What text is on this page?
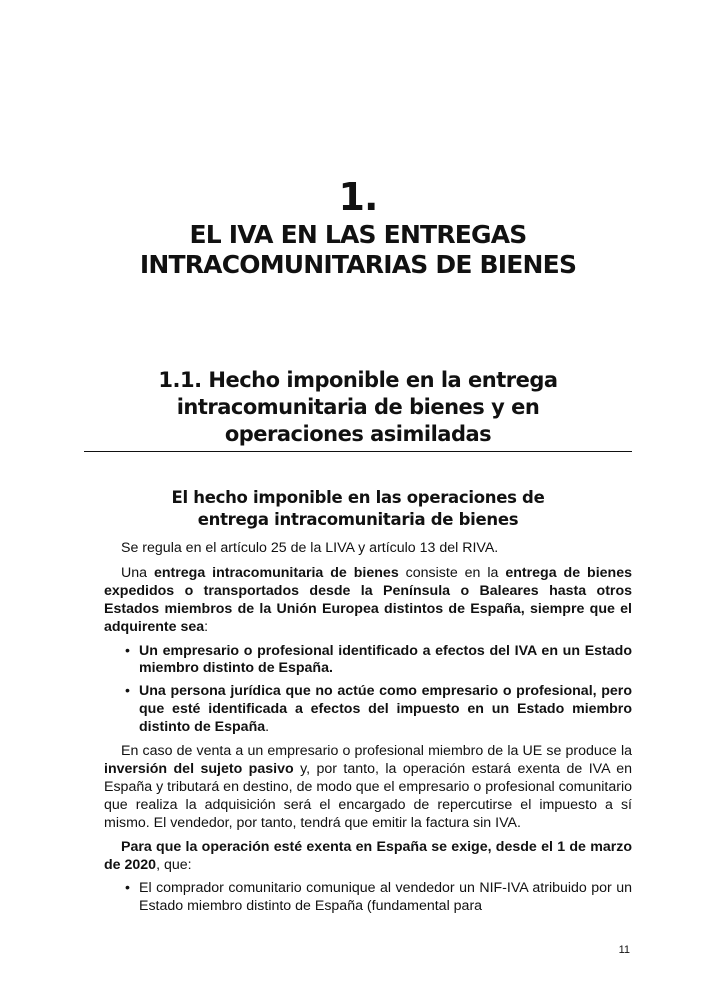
1.
EL IVA EN LAS ENTREGAS
INTRACOMUNITARIAS DE BIENES
1.1. Hecho imponible en la entrega
intracomunitaria de bienes y en
operaciones asimiladas
El hecho imponible en las operaciones de
entrega intracomunitaria de bienes

Se regula en el artículo 25 de la LIVA y artículo 13 del RIVA.

Una entrega intracomunitaria de bienes consiste en la entrega de bienes expedidos o transportados desde la Península o Baleares hasta otros Estados miembros de la Unión Europea distintos de España, siempre que el adquirente sea:

• Un empresario o profesional identificado a efectos del IVA en un Estado miembro distinto de España.
• Una persona jurídica que no actúe como empresario o profesional, pero que esté identificada a efectos del impuesto en un Estado miembro distinto de España.

En caso de venta a un empresario o profesional miembro de la UE se produce la inversión del sujeto pasivo y, por tanto, la operación estará exenta de IVA en España y tributará en destino, de modo que el empresario o profesional comunitario que realiza la adquisición será el encargado de repercutirse el impuesto a sí mismo. El vendedor, por tanto, tendrá que emitir la factura sin IVA.

Para que la operación esté exenta en España se exige, desde el 1 de marzo de 2020, que:

• El comprador comunitario comunique al vendedor un NIF-IVA atribuido por un Estado miembro distinto de España (fundamental para
11
